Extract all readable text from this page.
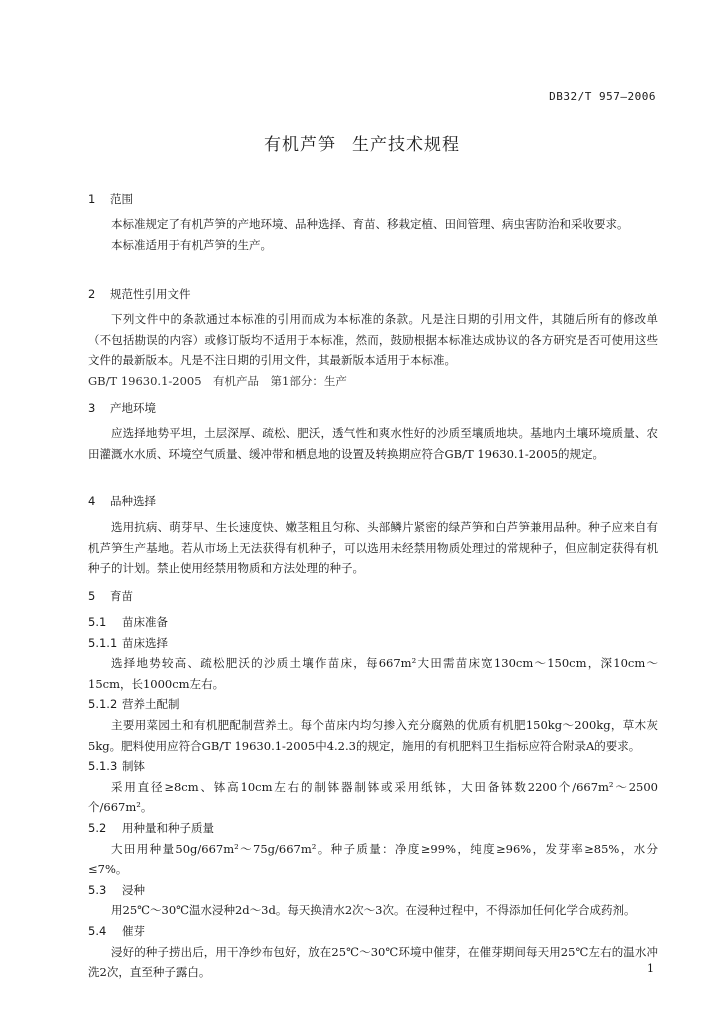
DB32/T 957—2006
有机芦笋 生产技术规程
1 范围

本标准规定了有机芦笋的产地环境、品种选择、育苗、移栽定植、田间管理、病虫害防治和采收要求。

本标准适用于有机芦笋的生产。

2 规范性引用文件

下列文件中的条款通过本标准的引用而成为本标准的条款。凡是注日期的引用文件，其随后所有的修改单（不包括勘误的内容）或修订版均不适用于本标准，然而，鼓励根据本标准达成协议的各方研究是否可使用这些文件的最新版本。凡是不注日期的引用文件，其最新版本适用于本标准。

GB/T 19630.1-2005　有机产品　第1部分：生产

3 产地环境

应选择地势平坦，土层深厚、疏松、肥沃，透气性和爽水性好的沙质至壤质地块。基地内土壤环境质量、农田灌溉水水质、环境空气质量、缓冲带和栖息地的设置及转换期应符合GB/T 19630.1-2005的规定。

4 品种选择

选用抗病、萌芽早、生长速度快、嫩茎粗且匀称、头部鳞片紧密的绿芦笋和白芦笋兼用品种。种子应来自有机芦笋生产基地。若从市场上无法获得有机种子，可以选用未经禁用物质处理过的常规种子，但应制定获得有机种子的计划。禁止使用经禁用物质和方法处理的种子。

5 育苗
5.1 苗床准备
5.1.1 苗床选择

选择地势较高、疏松肥沃的沙质土壤作苗床，每667m²大田需苗床宽130cm～150cm，深10cm～15cm，长1000cm左右。

5.1.2 营养土配制

主要用菜园土和有机肥配制营养土。每个苗床内均匀掺入充分腐熟的优质有机肥150kg～200kg，草木灰5kg。肥料使用应符合GB/T 19630.1-2005中4.2.3的规定，施用的有机肥料卫生指标应符合附录A的要求。

5.1.3 制钵

采用直径≥8cm、钵高10cm左右的制钵器制钵或采用纸钵，大田备钵数2200个/667m²～2500个/667m²。

5.2 用种量和种子质量

大田用种量50g/667m²～75g/667m²。种子质量：净度≥99%，纯度≥96%，发芽率≥85%，水分≤7%。

5.3 浸种

用25℃～30℃温水浸种2d～3d。每天换清水2次～3次。在浸种过程中，不得添加任何化学合成药剂。

5.4 催芽

浸好的种子捞出后，用干净纱布包好，放在25℃～30℃环境中催芽，在催芽期间每天用25℃左右的温水冲洗2次，直至种子露白。	1
